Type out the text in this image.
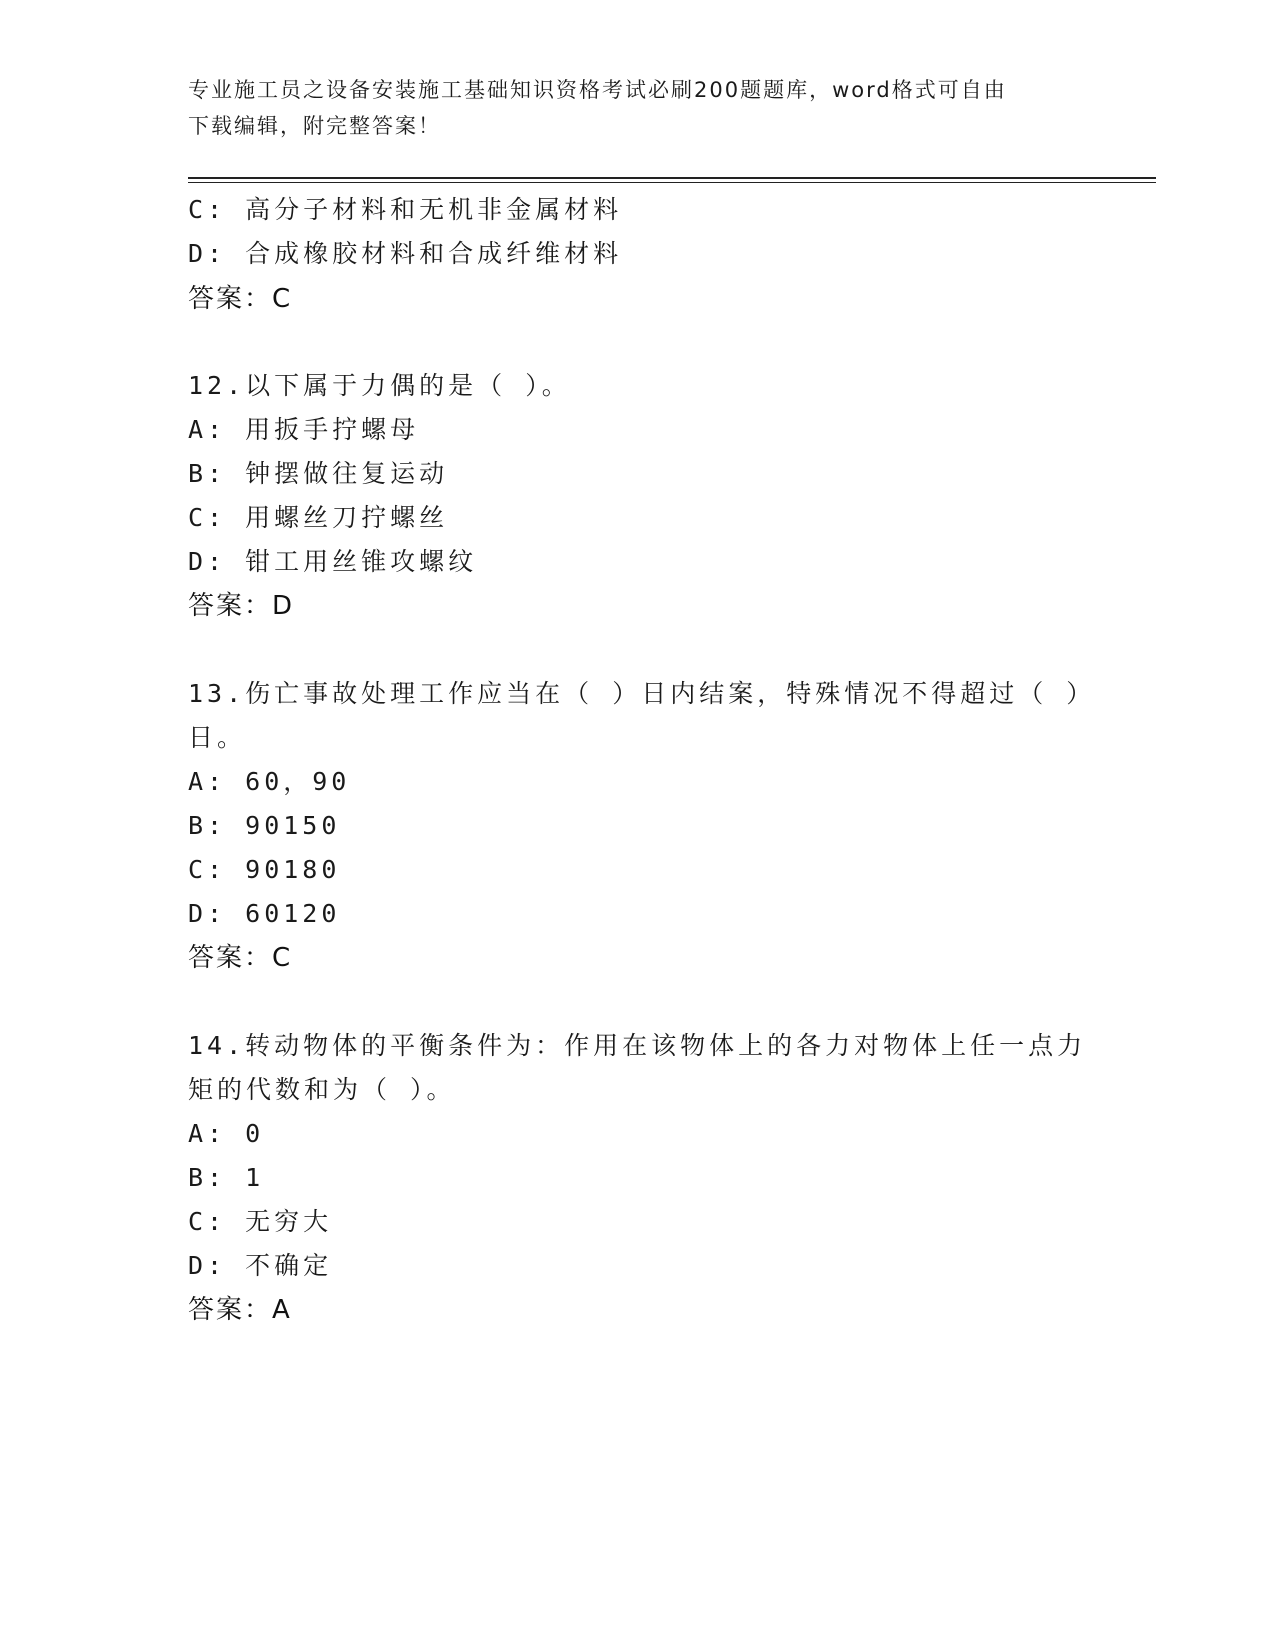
专业施工员之设备安装施工基础知识资格考试必刷200题题库，word格式可自由
下载编辑，附完整答案！
C: 高分子材料和无机非金属材料
D: 合成橡胶材料和合成纤维材料
答案：C
12.以下属于力偶的是（ ）。
A: 用扳手拧螺母
B: 钟摆做往复运动
C: 用螺丝刀拧螺丝
D: 钳工用丝锥攻螺纹
答案：D
13.伤亡事故处理工作应当在（ ）日内结案，特殊情况不得超过（ ）
日。
A: 60，90
B: 90150
C: 90180
D: 60120
答案：C
14.转动物体的平衡条件为：作用在该物体上的各力对物体上任一点力
矩的代数和为（ ）。
A: 0
B: 1
C: 无穷大
D: 不确定
答案：A
